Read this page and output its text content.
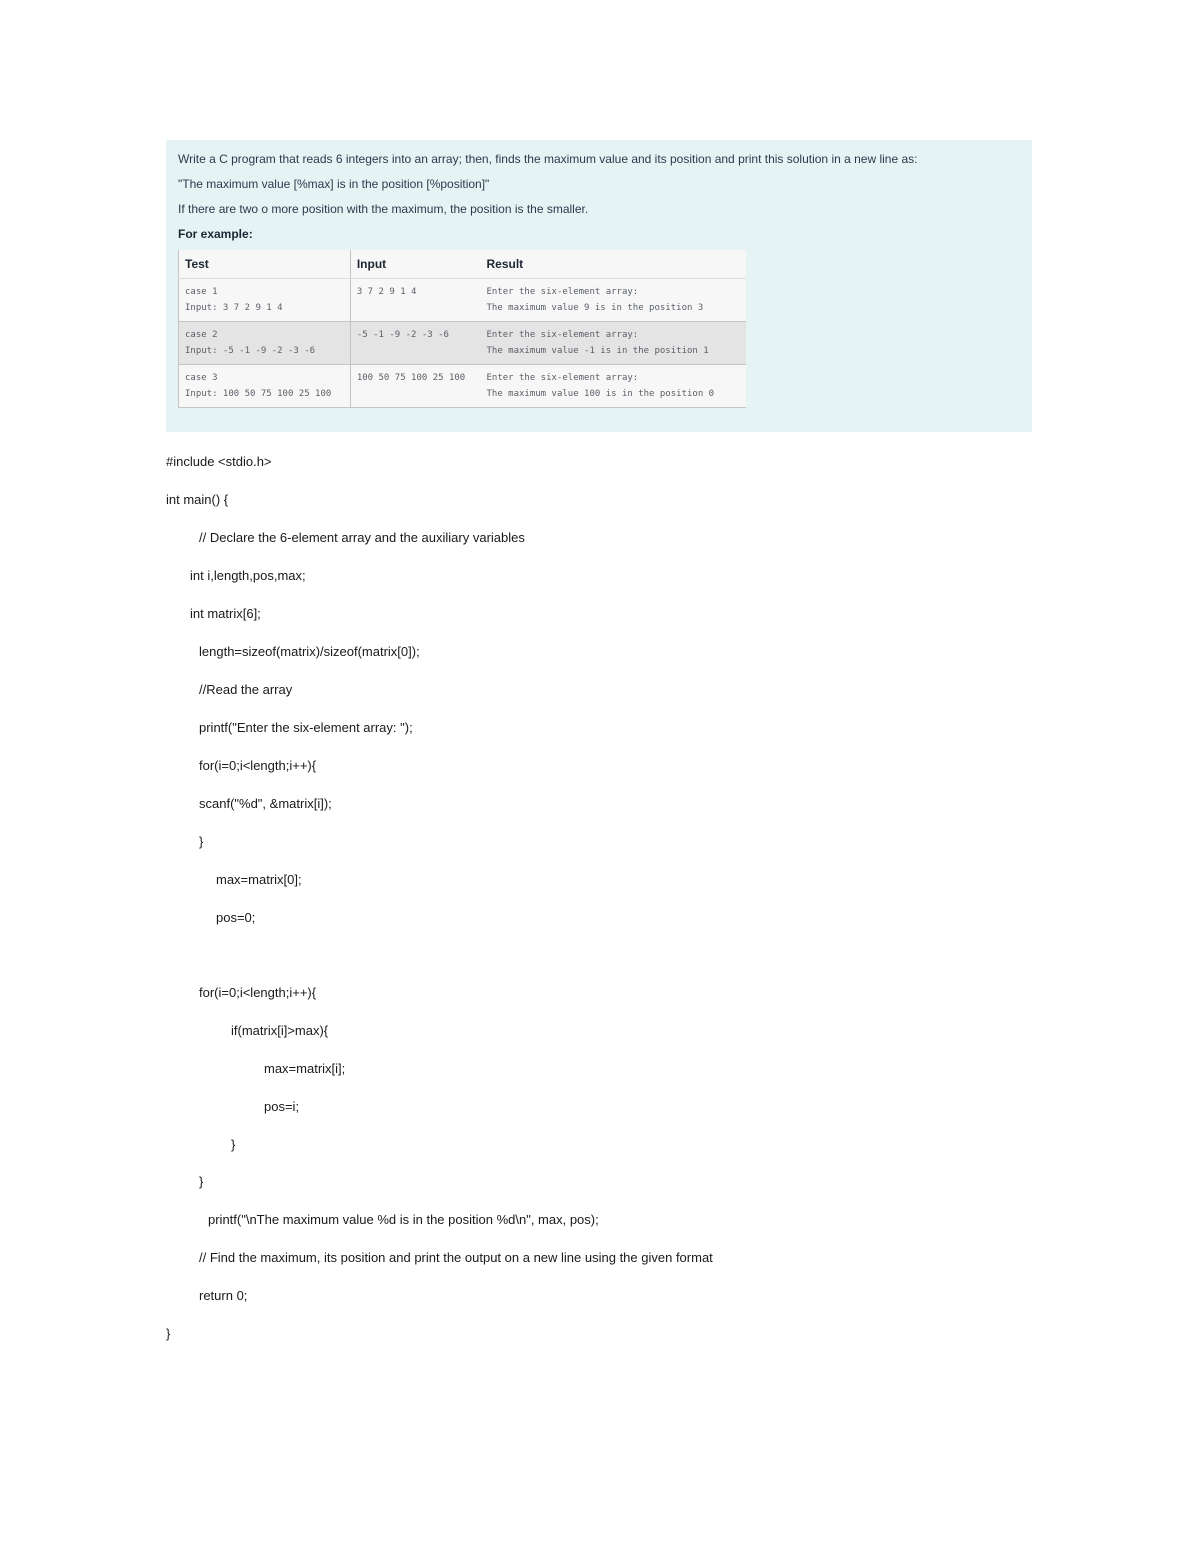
Write a C program that reads 6 integers into an array; then, finds the maximum value and its position and print this solution in a new line as:
"The maximum value [%max] is in the position [%position]"
If there are two o more position with the maximum, the position is the smaller.
For example:
Test	Input	Result
case 1
Input: 3 7 2 9 1 4	3 7 2 9 1 4	Enter the six-element array:
The maximum value 9 is in the position 3
case 2
Input: -5 -1 -9 -2 -3 -6	-5 -1 -9 -2 -3 -6	Enter the six-element array:
The maximum value -1 is in the position 1
case 3
Input: 100 50 75 100 25 100	100 50 75 100 25 100	Enter the six-element array:
The maximum value 100 is in the position 0
#include <stdio.h>
int main() {
// Declare the 6-element array and the auxiliary variables
int i,length,pos,max;
int matrix[6];
length=sizeof(matrix)/sizeof(matrix[0]);
//Read the array
printf("Enter the six-element array: ");
for(i=0;i<length;i++){
scanf("%d", &matrix[i]);
}
max=matrix[0];
pos=0;
for(i=0;i<length;i++){
if(matrix[i]>max){
max=matrix[i];
pos=i;
}
}
printf("\nThe maximum value %d is in the position %d\n", max, pos);
// Find the maximum, its position and print the output on a new line using the given format
return 0;
}
